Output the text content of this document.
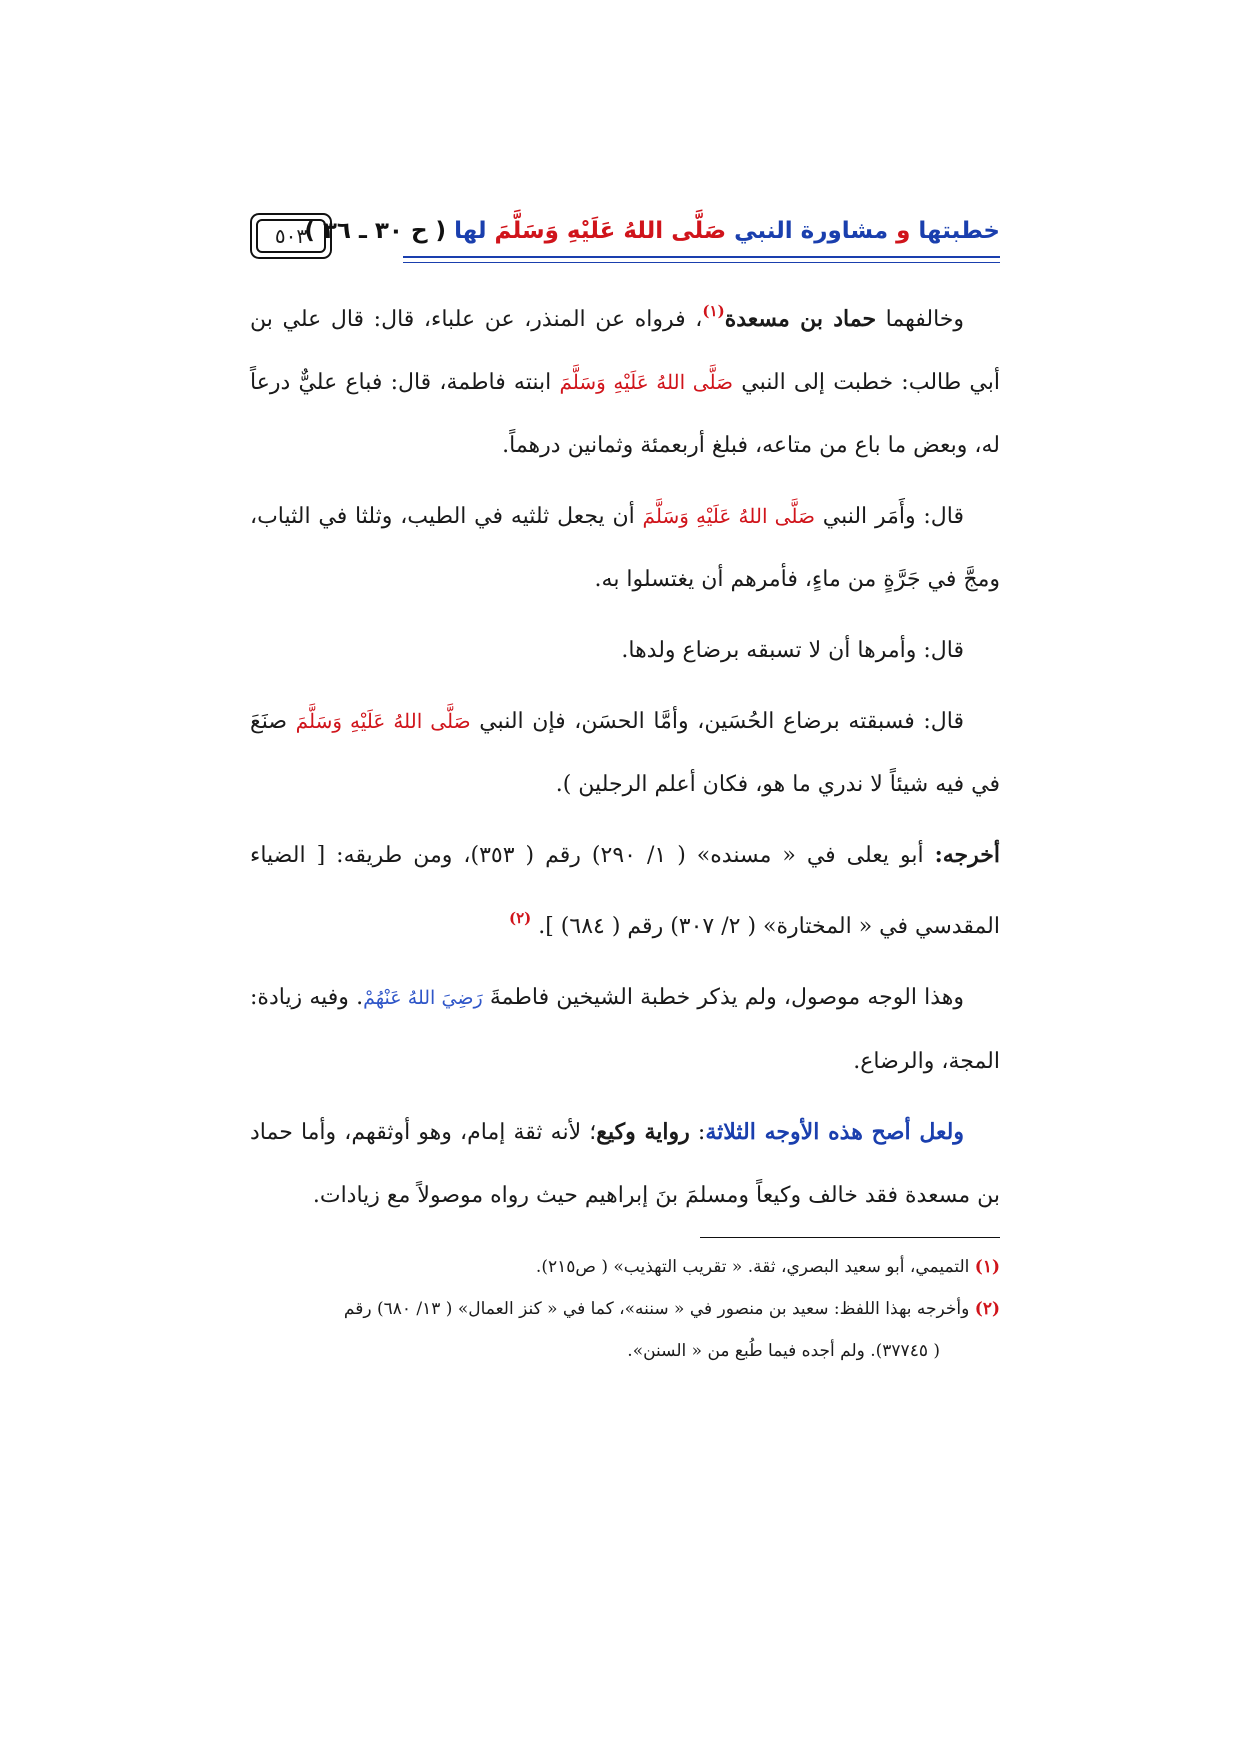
خطبتها و مشاورة النبي صَلَّى اللهُ عَلَيْهِ وَسَلَّمَ لها ( ح ٣٠ ـ ٣٦ )
٥٠٣

وخالفهما حماد بن مسعدة$^{(١)}$، فرواه عن المنذر، عن علباء، قال: قال علي بن أبي طالب: خطبت إلى النبي صَلَّى اللهُ عَلَيْهِ وَسَلَّمَ ابنته فاطمة، قال: فباع عليٌّ درعاً له، وبعض ما باع من متاعه، فبلغ أربعمئة وثمانين درهماً.

قال: وأَمَر النبي صَلَّى اللهُ عَلَيْهِ وَسَلَّمَ أن يجعل ثلثيه في الطيب، وثلثا في الثياب، ومجَّ في جَرَّةٍ من ماءٍ، فأمرهم أن يغتسلوا به.

قال: وأمرها أن لا تسبقه برضاع ولدها.

قال: فسبقته برضاع الحُسَين، وأمَّا الحسَن، فإن النبي صَلَّى اللهُ عَلَيْهِ وَسَلَّمَ صنَعَ في فيه شيئاً لا ندري ما هو، فكان أعلم الرجلين ).

أخرجه: أبو يعلى في « مسنده» ( ١/ ٢٩٠) رقم ( ٣٥٣)، ومن طريقه: [ الضياء المقدسي في « المختارة» ( ٢/ ٣٠٧) رقم ( ٦٨٤) ]. $^{(٢)}$

وهذا الوجه موصول، ولم يذكر خطبة الشيخين فاطمةَ رَضِيَ اللهُ عَنْهُمْ. وفيه زيادة: المجة، والرضاع.

ولعل أصح هذه الأوجه الثلاثة: رواية وكيع؛ لأنه ثقة إمام، وهو أوثقهم، وأما حماد بن مسعدة فقد خالف وكيعاً ومسلمَ بنَ إبراهيم حيث رواه موصولاً مع زيادات.

(١) التميمي، أبو سعيد البصري، ثقة. « تقريب التهذيب» ( ص٢١٥).

(٢) وأخرجه بهذا اللفظ: سعيد بن منصور في « سننه»، كما في « كنز العمال» ( ١٣/ ٦٨٠) رقم

( ٣٧٧٤٥). ولم أجده فيما طُبع من « السنن».
